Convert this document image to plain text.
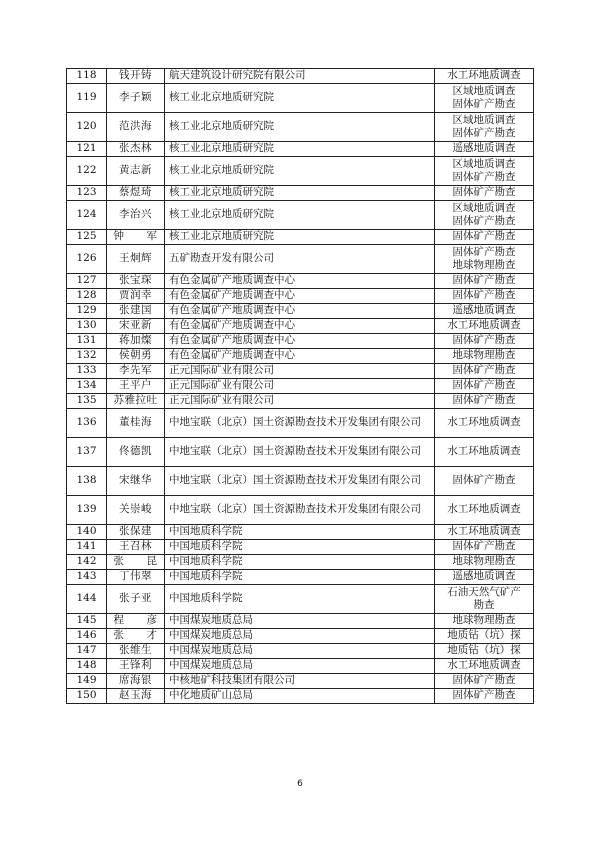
118	钱开铸	航天建筑设计研究院有限公司	水工环地质调查

119	李子颖	核工业北京地质研究院	区域地质调查
固体矿产勘查

120	范洪海	核工业北京地质研究院	区域地质调查
固体矿产勘查

121	张杰林	核工业北京地质研究院	遥感地质调查

122	黄志新	核工业北京地质研究院	区域地质调查
固体矿产勘查

123	蔡煜琦	核工业北京地质研究院	固体矿产勘查

124	李治兴	核工业北京地质研究院	区域地质调查
固体矿产勘查

125	钟　　军	核工业北京地质研究院	固体矿产勘查

126	王炯辉	五矿勘查开发有限公司	固体矿产勘查
地球物理勘查

127	张宝琛	有色金属矿产地质调查中心	固体矿产勘查

128	贾润幸	有色金属矿产地质调查中心	固体矿产勘查

129	张建国	有色金属矿产地质调查中心	遥感地质调查

130	宋亚新	有色金属矿产地质调查中心	水工环地质调查

131	蒋加燦	有色金属矿产地质调查中心	固体矿产勘查

132	侯朝勇	有色金属矿产地质调查中心	地球物理勘查

133	李先军	正元国际矿业有限公司	固体矿产勘查

134	王平户	正元国际矿业有限公司	固体矿产勘查

135	苏雅拉吐	正元国际矿业有限公司	固体矿产勘查

136	董桂海	中地宝联（北京）国土资源勘查技术开发集团有限公司	水工环地质调查

137	佟德凯	中地宝联（北京）国土资源勘查技术开发集团有限公司	水工环地质调查

138	宋继华	中地宝联（北京）国土资源勘查技术开发集团有限公司	固体矿产勘查

139	关崇峻	中地宝联（北京）国土资源勘查技术开发集团有限公司	水工环地质调查

140	张保建	中国地质科学院	水工环地质调查

141	王召林	中国地质科学院	固体矿产勘查

142	张　　昆	中国地质科学院	地球物理勘查

143	丁伟翠	中国地质科学院	遥感地质调查

144	张子亚	中国地质科学院	石油天然气矿产
勘查

145	程　　彦	中国煤炭地质总局	地球物理勘查

146	张　　才	中国煤炭地质总局	地质钻（坑）探

147	张维生	中国煤炭地质总局	地质钻（坑）探

148	王锋利	中国煤炭地质总局	水工环地质调查

149	席海银	中核地矿科技集团有限公司	固体矿产勘查

150	赵玉海	中化地质矿山总局	固体矿产勘查
6
